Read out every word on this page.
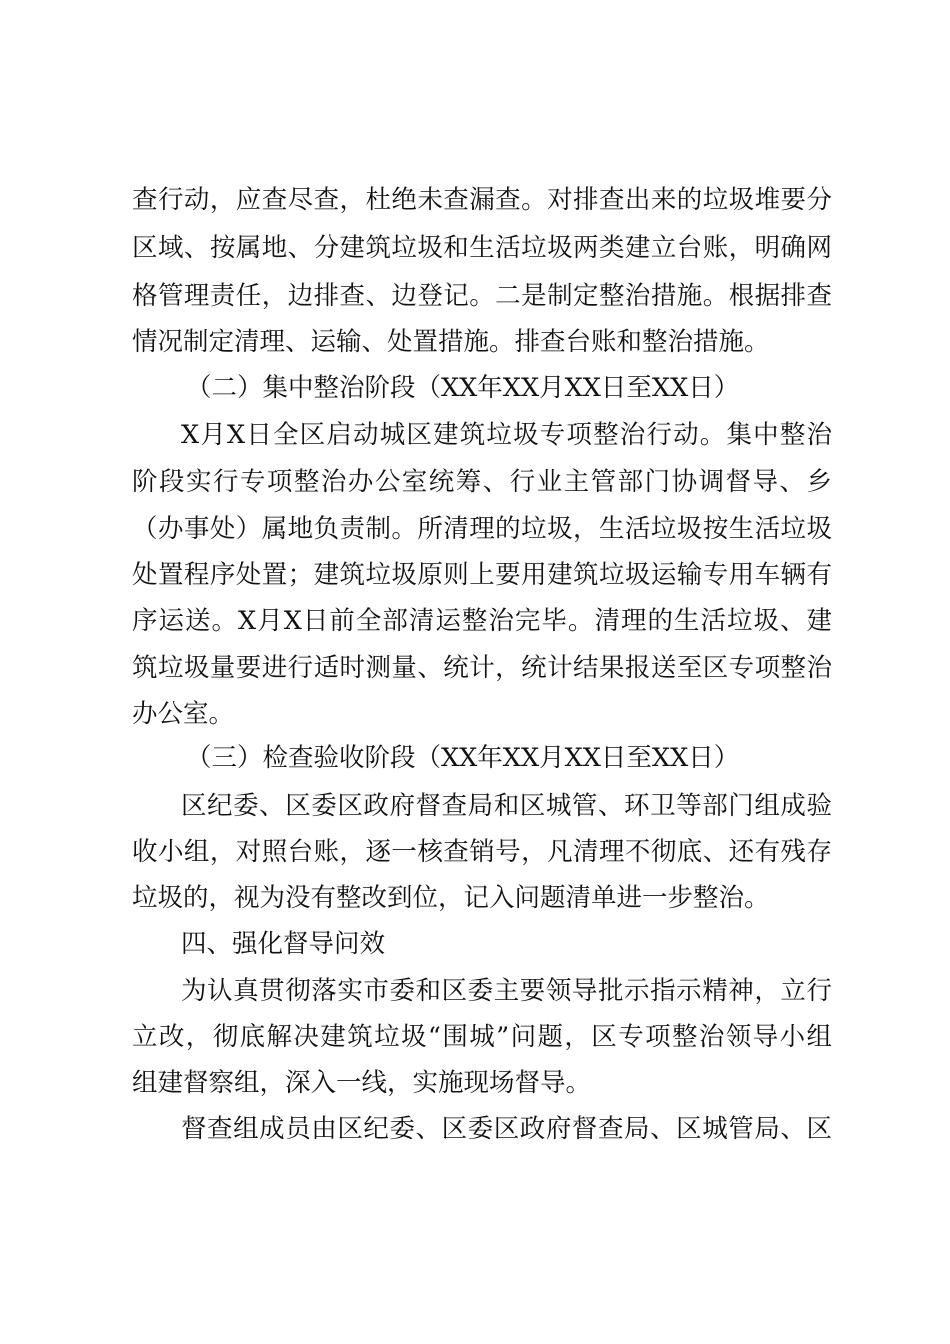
查行动，应查尽查，杜绝未查漏查。对排查出来的垃圾堆要分
区域、按属地、分建筑垃圾和生活垃圾两类建立台账，明确网
格管理责任，边排查、边登记。二是制定整治措施。根据排查
情况制定清理、运输、处置措施。排查台账和整治措施。
（二）集中整治阶段（XX年XX月XX日至XX日）
X月X日全区启动城区建筑垃圾专项整治行动。集中整治
阶段实行专项整治办公室统筹、行业主管部门协调督导、乡
（办事处）属地负责制。所清理的垃圾，生活垃圾按生活垃圾
处置程序处置；建筑垃圾原则上要用建筑垃圾运输专用车辆有
序运送。X月X日前全部清运整治完毕。清理的生活垃圾、建
筑垃圾量要进行适时测量、统计，统计结果报送至区专项整治
办公室。
（三）检查验收阶段（XX年XX月XX日至XX日）
区纪委、区委区政府督查局和区城管、环卫等部门组成验
收小组，对照台账，逐一核查销号，凡清理不彻底、还有残存
垃圾的，视为没有整改到位，记入问题清单进一步整治。
四、强化督导问效
为认真贯彻落实市委和区委主要领导批示指示精神，立行
立改，彻底解决建筑垃圾“围城”问题，区专项整治领导小组
组建督察组，深入一线，实施现场督导。
督查组成员由区纪委、区委区政府督查局、区城管局、区
